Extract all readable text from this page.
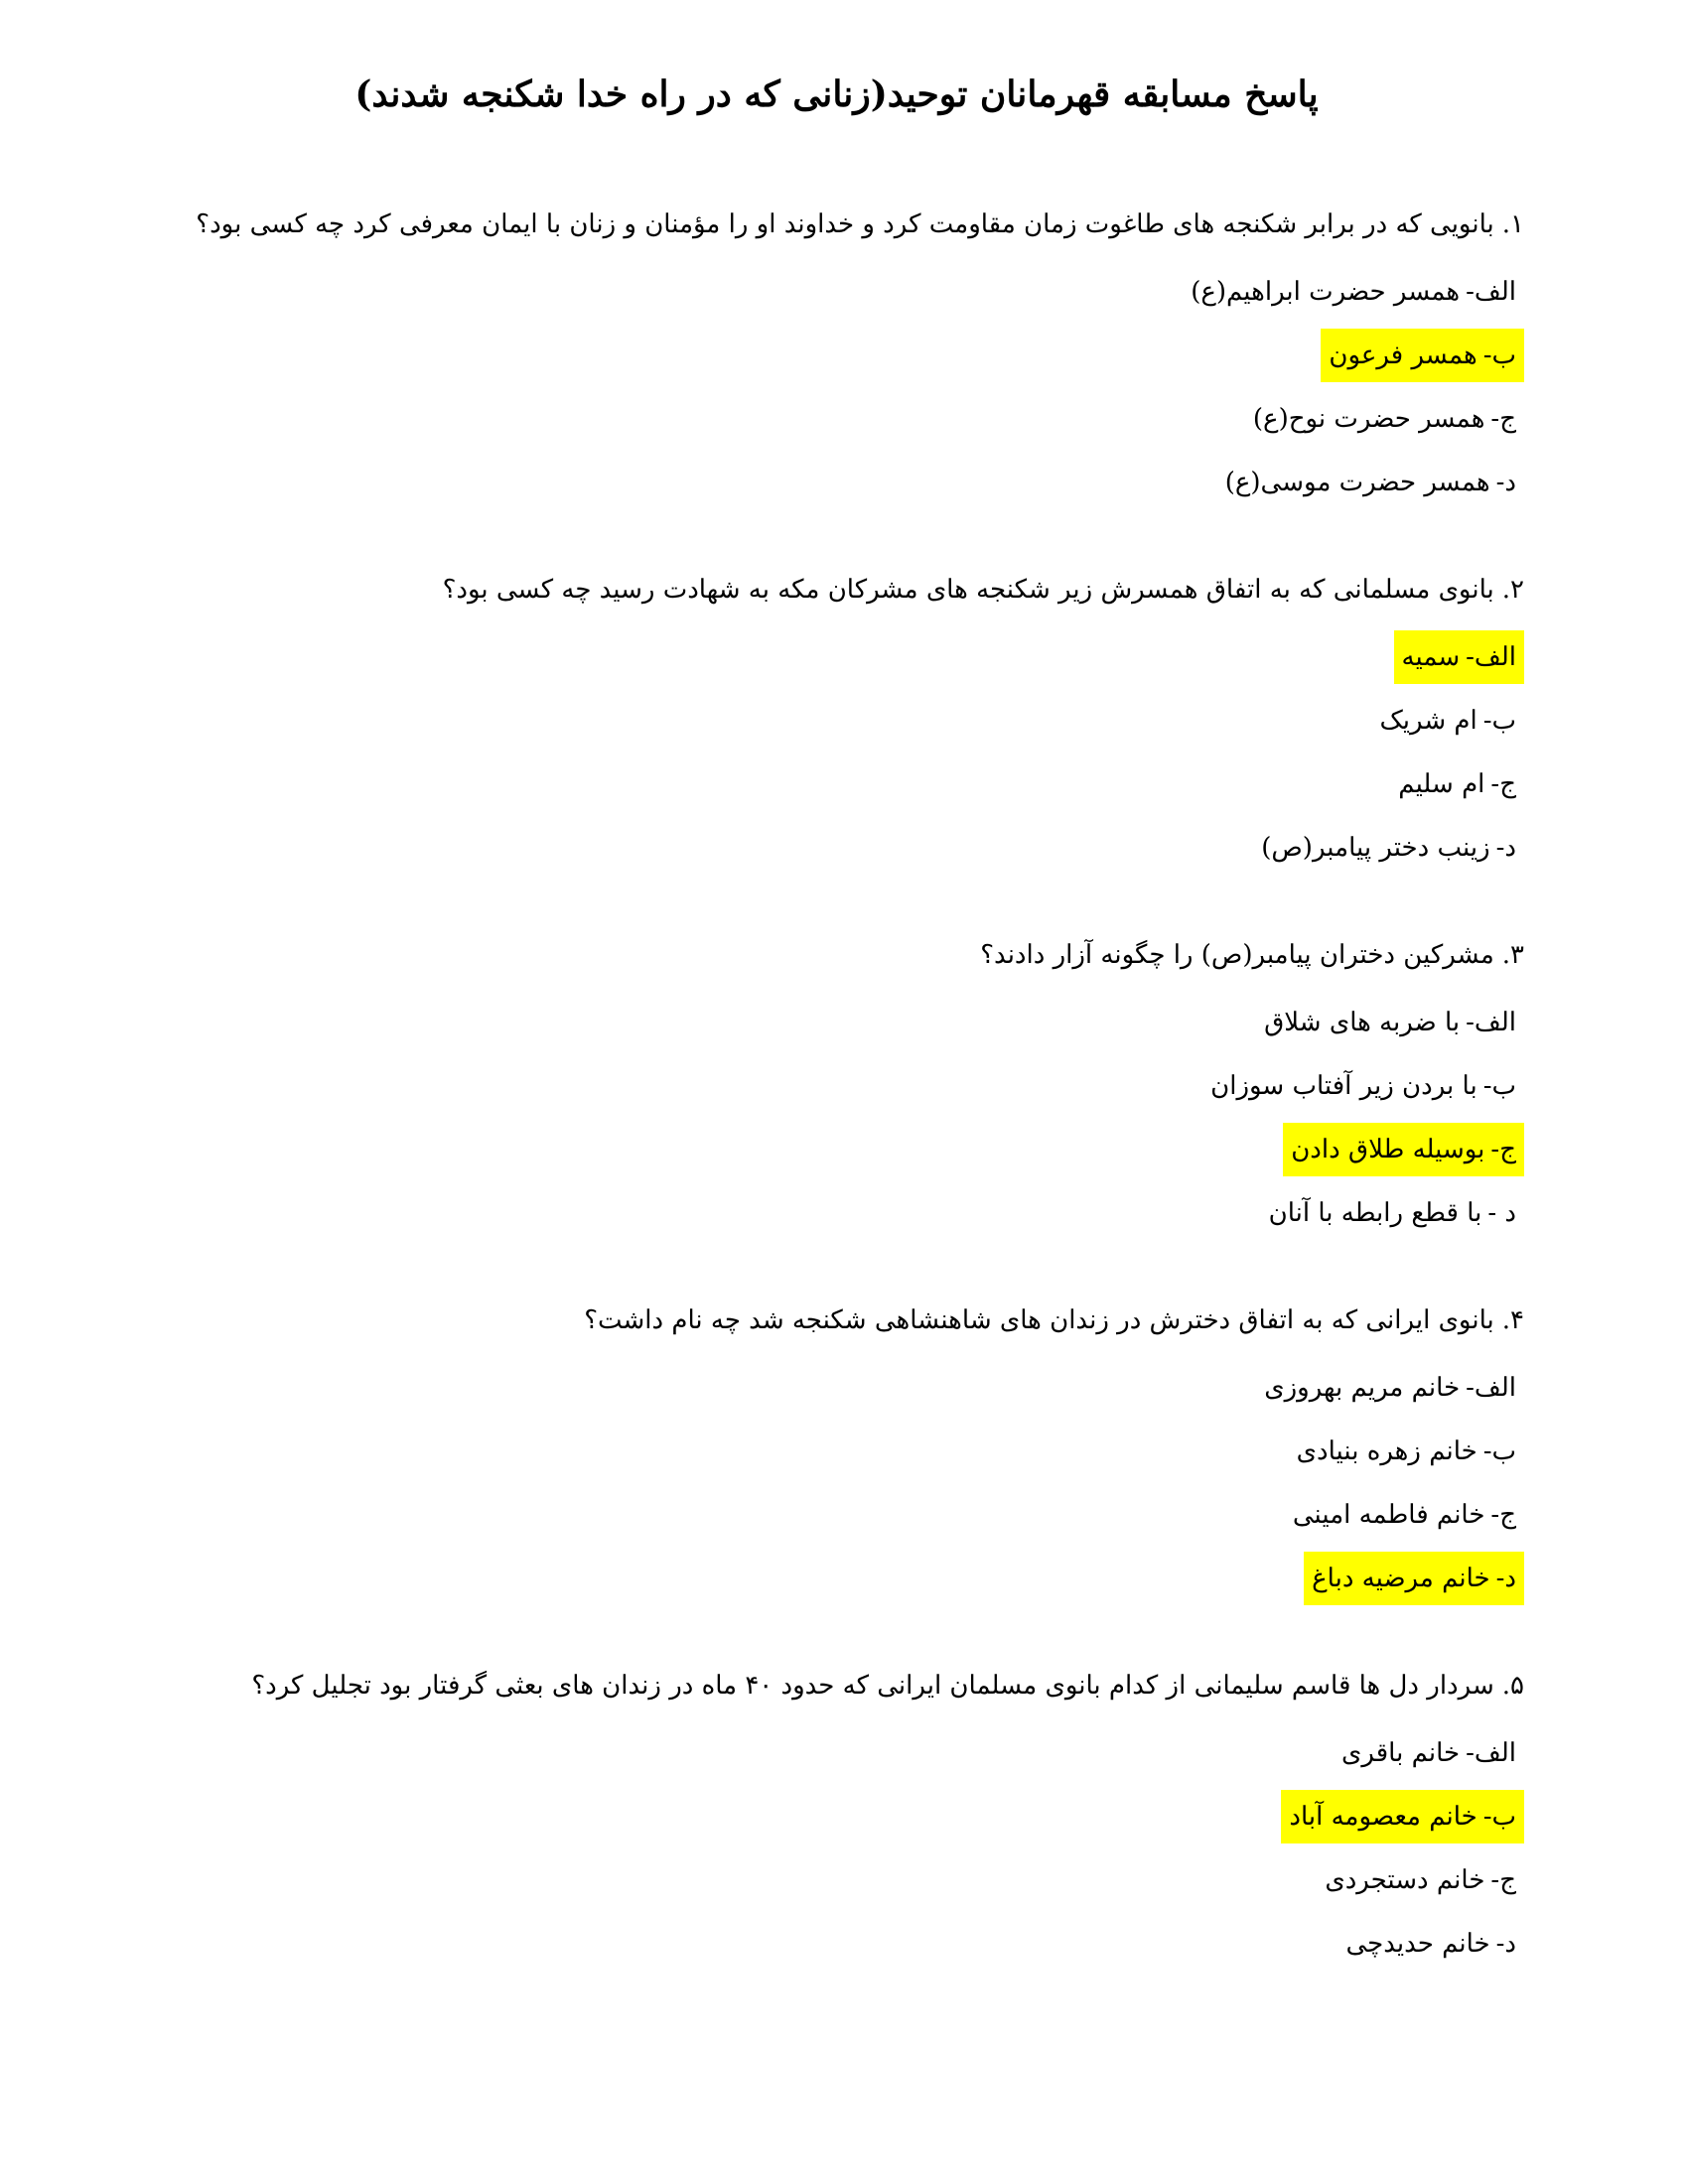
پاسخ مسابقه قهرمانان توحید(زنانی که در راه خدا شکنجه شدند)

۱.بانویی که در برابر شکنجه های طاغوت زمان مقاومت کرد و خداوند او را مؤمنان و زنان با ایمان معرفی کرد چه کسی بود؟

الف-همسر حضرت ابراهیم(ع)
ب-همسر فرعون
ج-همسر حضرت نوح(ع)
د-همسر حضرت موسی(ع)

۲.بانوی مسلمانی که به اتفاق همسرش زیر شکنجه های مشرکان مکه به شهادت رسید چه کسی بود؟

الف-سمیه
ب-ام شریک
ج-ام سلیم
د-زینب دختر پیامبر(ص)

۳.مشرکین دختران پیامبر(ص) را چگونه آزار دادند؟

الف-با ضربه های شلاق
ب-با بردن زیر آفتاب سوزان
ج-بوسیله طلاق دادن
د -با قطع رابطه با آنان

۴.بانوی ایرانی که به اتفاق دخترش در زندان های شاهنشاهی شکنجه شد چه نام داشت؟

الف-خانم مریم بهروزی
ب-خانم زهره بنیادی
ج-خانم فاطمه امینی
د-خانم مرضیه دباغ

۵.سردار دل ها قاسم سلیمانی از کدام بانوی مسلمان ایرانی که حدود ۴۰ ماه در زندان های بعثی گرفتار بود تجلیل کرد؟

الف-خانم باقری
ب-خانم معصومه آباد
ج-خانم دستجردی
د-خانم حدیدچی
